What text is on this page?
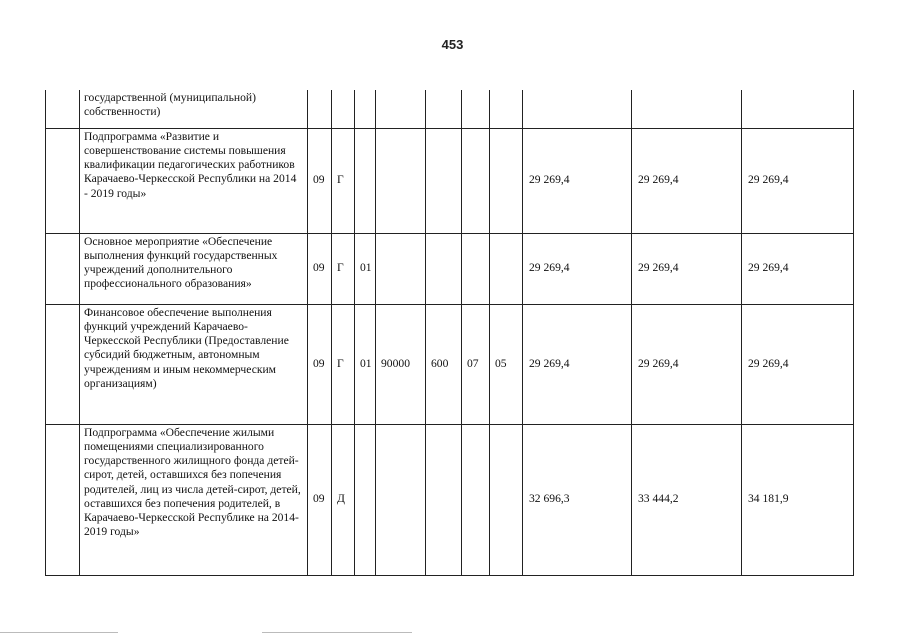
453
	государственной (муниципальной) собственности)										
	Подпрограмма «Развитие и совершенствование системы повышения квалификации педагогических работников Карачаево-Черкесской Республики на 2014 - 2019 годы»	09	Г						29 269,4	29 269,4	29 269,4
	Основное мероприятие «Обеспечение выполнения функций государственных учреждений дополнительного профессионального образования»	09	Г	01					29 269,4	29 269,4	29 269,4
	Финансовое обеспечение выполнения функций учреждений Карачаево-Черкесской Республики (Предоставление субсидий бюджетным, автономным учреждениям и иным некоммерческим организациям)	09	Г	01	90000	600	07	05	29 269,4	29 269,4	29 269,4
	Подпрограмма «Обеспечение жилыми помещениями специализированного государственного жилищного фонда детей-сирот, детей, оставшихся без попечения родителей, лиц из числа детей-сирот, детей, оставшихся без попечения родителей, в Карачаево-Черкесской Республике на 2014-2019 годы»	09	Д						32 696,3	33 444,2	34 181,9
